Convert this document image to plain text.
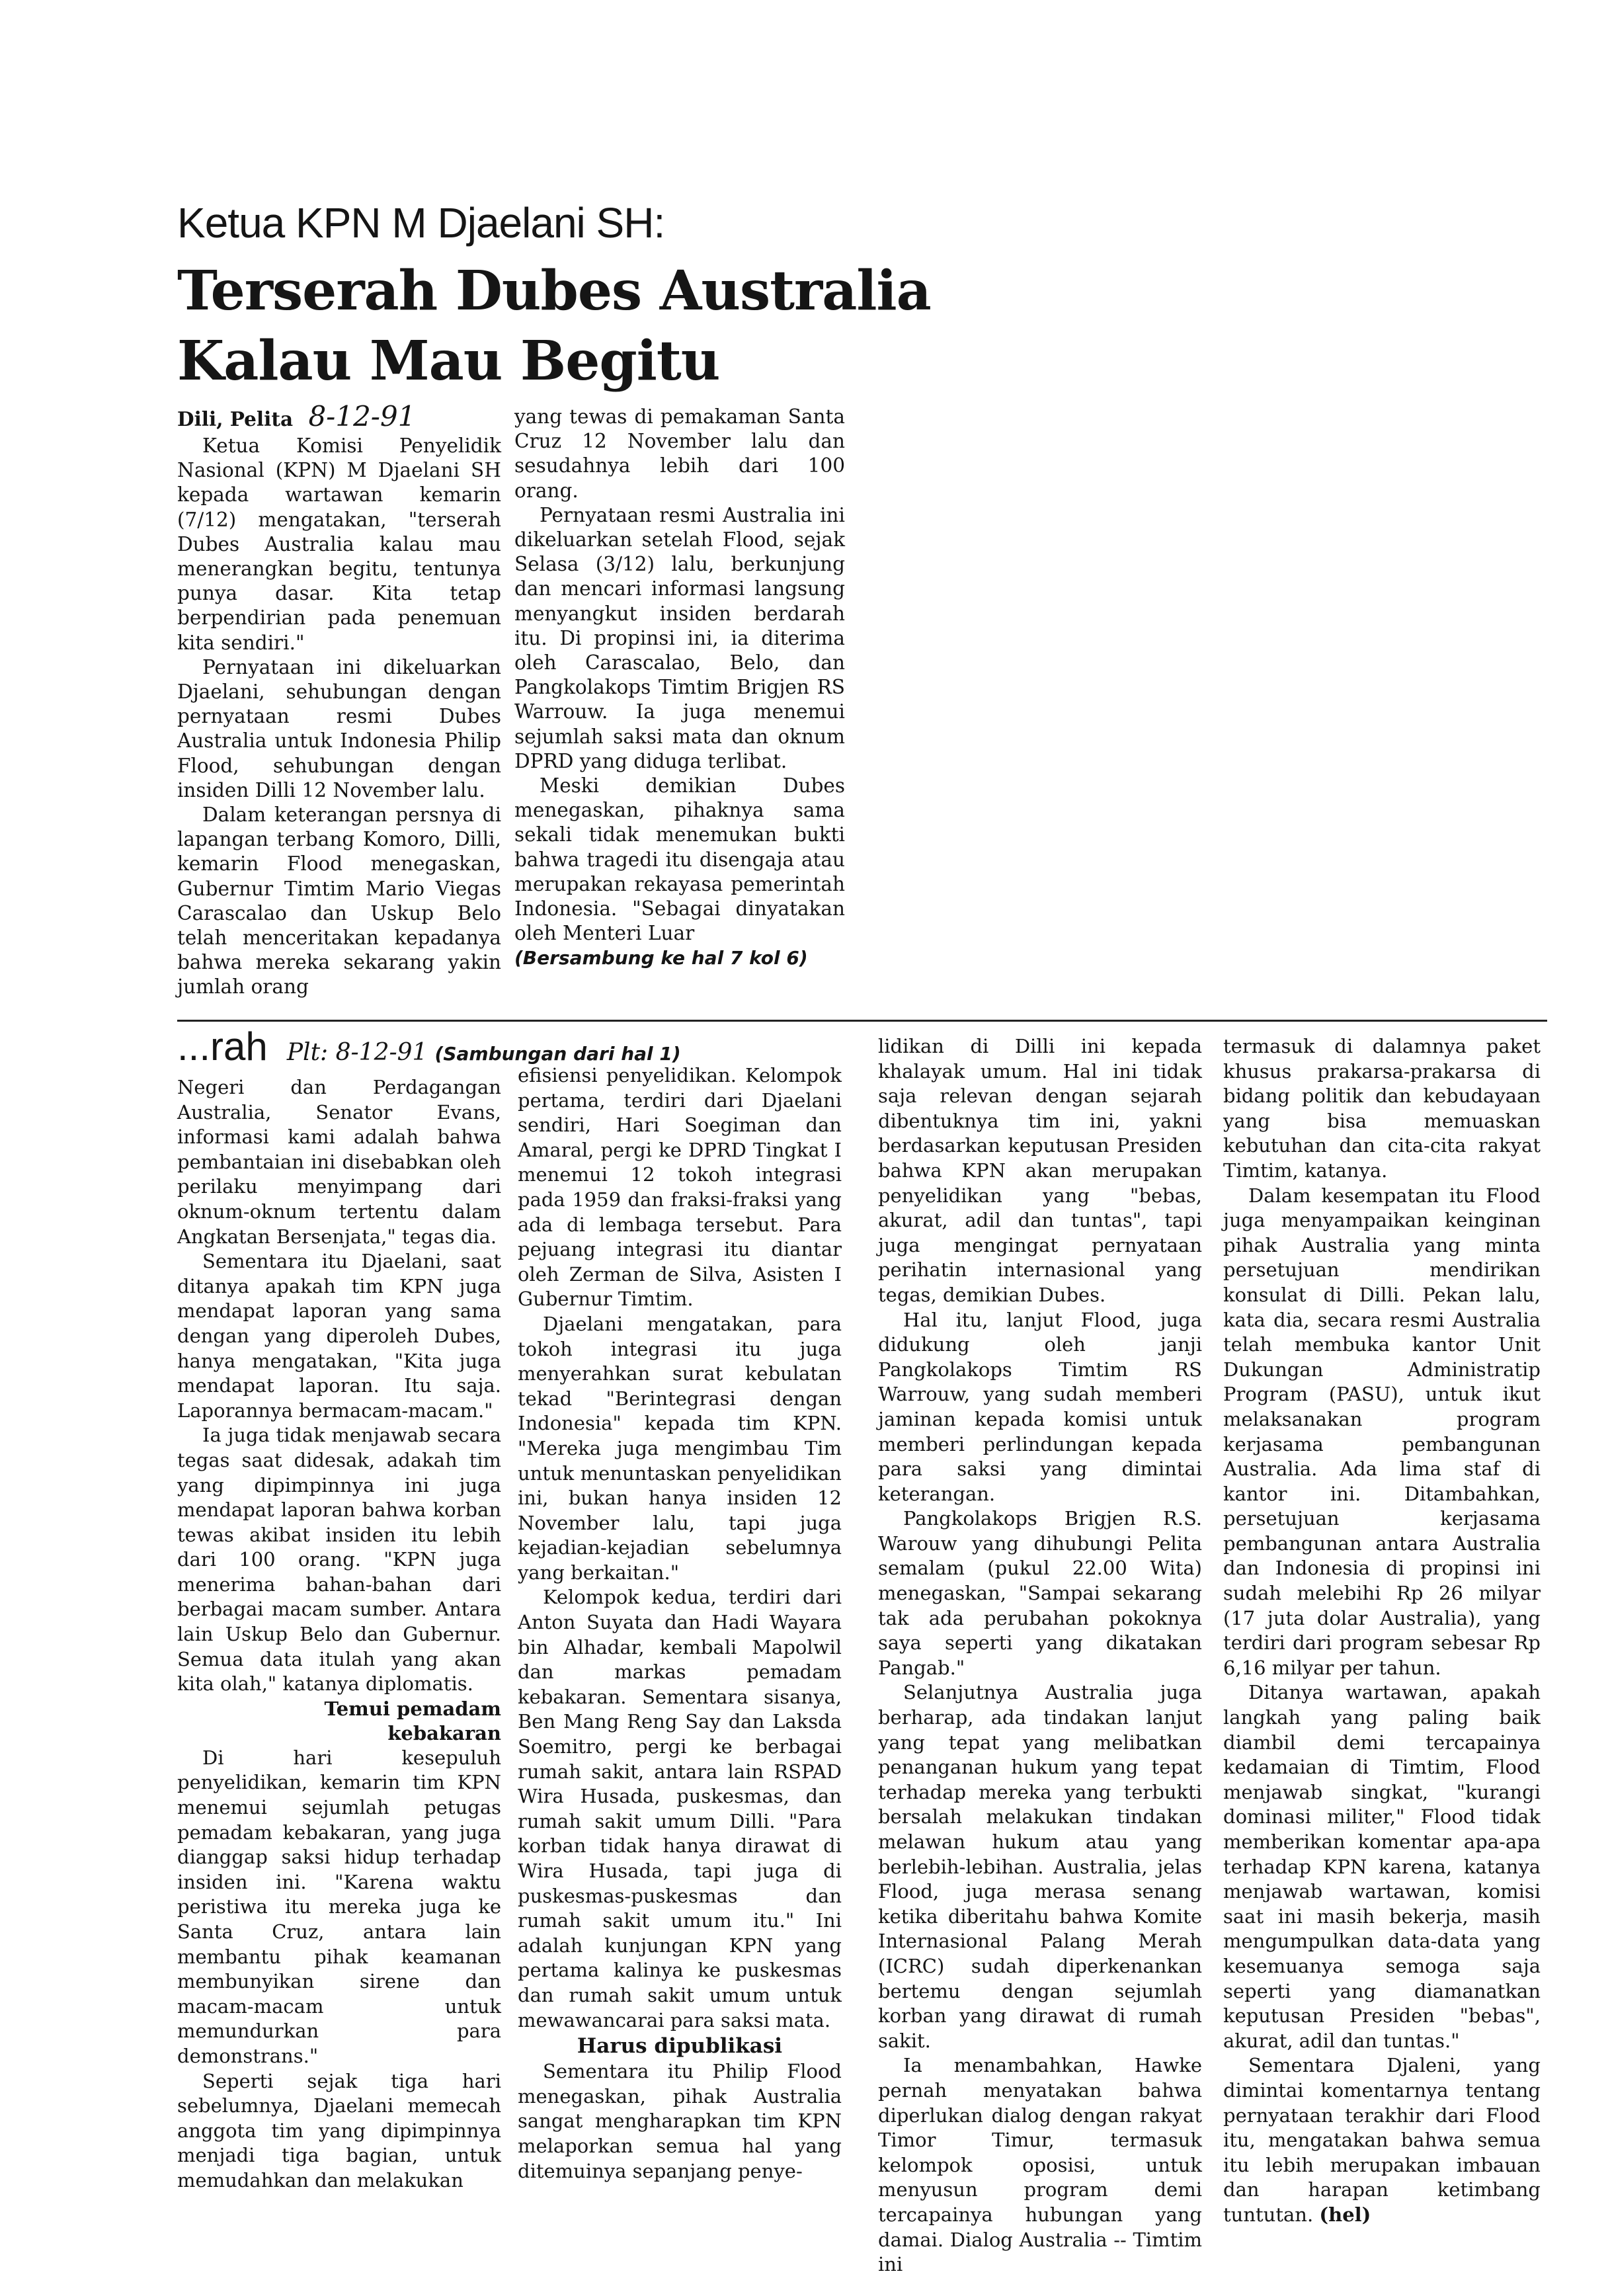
Ketua KPN M Djaelani SH:
Terserah Dubes Australia
Kalau Mau Begitu
Dili, Pelita 8-12-91

Ketua Komisi Penyelidik Nasional (KPN) M Djaelani SH kepada wartawan kemarin (7/12) mengatakan, "terserah Dubes Australia kalau mau menerangkan begitu, tentunya punya dasar. Kita tetap berpendirian pada penemuan kita sendiri."

Pernyataan ini dikeluarkan Djaelani, sehubungan dengan pernyataan resmi Dubes Australia untuk Indonesia Philip Flood, sehubungan dengan insiden Dilli 12 November lalu.

Dalam keterangan persnya di lapangan terbang Komoro, Dilli, kemarin Flood menegaskan, Gubernur Timtim Mario Viegas Carascalao dan Uskup Belo telah menceritakan kepadanya bahwa mereka sekarang yakin jumlah orang

yang tewas di pemakaman Santa Cruz 12 November lalu dan sesudahnya lebih dari 100 orang.

Pernyataan resmi Australia ini dikeluarkan setelah Flood, sejak Selasa (3/12) lalu, berkunjung dan mencari informasi langsung menyangkut insiden berdarah itu. Di propinsi ini, ia diterima oleh Carascalao, Belo, dan Pangkolakops Timtim Brigjen RS Warrouw. Ia juga menemui sejumlah saksi mata dan oknum DPRD yang diduga terlibat.

Meski demikian Dubes menegaskan, pihaknya sama sekali tidak menemukan bukti bahwa tragedi itu disengaja atau merupakan rekayasa pemerintah Indonesia. "Sebagai dinyatakan oleh Menteri Luar

(Bersambung ke hal 7 kol 6)

...rah Plt: 8-12-91 (Sambungan dari hal 1)

Negeri dan Perdagangan Australia, Senator Evans, informasi kami adalah bahwa pembantaian ini disebabkan oleh perilaku menyimpang dari oknum-oknum tertentu dalam Angkatan Bersenjata," tegas dia.

Sementara itu Djaelani, saat ditanya apakah tim KPN juga mendapat laporan yang sama dengan yang diperoleh Dubes, hanya mengatakan, "Kita juga mendapat laporan. Itu saja. Laporannya bermacam-macam."

Ia juga tidak menjawab secara tegas saat didesak, adakah tim yang dipimpinnya ini juga mendapat laporan bahwa korban tewas akibat insiden itu lebih dari 100 orang. "KPN juga menerima bahan-bahan dari berbagai macam sumber. Antara lain Uskup Belo dan Gubernur. Semua data itulah yang akan kita olah," katanya diplomatis.

Temui pemadam

kebakaran

Di hari kesepuluh penyelidikan, kemarin tim KPN menemui sejumlah petugas pemadam kebakaran, yang juga dianggap saksi hidup terhadap insiden ini. "Karena waktu peristiwa itu mereka juga ke Santa Cruz, antara lain membantu pihak keamanan membunyikan sirene dan macam-macam untuk memundurkan para demonstrans."

Seperti sejak tiga hari sebelumnya, Djaelani memecah anggota tim yang dipimpinnya menjadi tiga bagian, untuk memudahkan dan melakukan

efisiensi penyelidikan. Kelompok pertama, terdiri dari Djaelani sendiri, Hari Soegiman dan Amaral, pergi ke DPRD Tingkat I menemui 12 tokoh integrasi pada 1959 dan fraksi-fraksi yang ada di lembaga tersebut. Para pejuang integrasi itu diantar oleh Zerman de Silva, Asisten I Gubernur Timtim.

Djaelani mengatakan, para tokoh integrasi itu juga menyerahkan surat kebulatan tekad "Berintegrasi dengan Indonesia" kepada tim KPN. "Mereka juga mengimbau Tim untuk menuntaskan penyelidikan ini, bukan hanya insiden 12 November lalu, tapi juga kejadian-kejadian sebelumnya yang berkaitan."

Kelompok kedua, terdiri dari Anton Suyata dan Hadi Wayara bin Alhadar, kembali Mapolwil dan markas pemadam kebakaran. Sementara sisanya, Ben Mang Reng Say dan Laksda Soemitro, pergi ke berbagai rumah sakit, antara lain RSPAD Wira Husada, puskesmas, dan rumah sakit umum Dilli. "Para korban tidak hanya dirawat di Wira Husada, tapi juga di puskesmas-puskesmas dan rumah sakit umum itu." Ini adalah kunjungan KPN yang pertama kalinya ke puskesmas dan rumah sakit umum untuk mewawancarai para saksi mata.

Harus dipublikasi

Sementara itu Philip Flood menegaskan, pihak Australia sangat mengharapkan tim KPN melaporkan semua hal yang ditemuinya sepanjang penye-

lidikan di Dilli ini kepada khalayak umum. Hal ini tidak saja relevan dengan sejarah dibentuknya tim ini, yakni berdasarkan keputusan Presiden bahwa KPN akan merupakan penyelidikan yang "bebas, akurat, adil dan tuntas", tapi juga mengingat pernyataan perihatin internasional yang tegas, demikian Dubes.

Hal itu, lanjut Flood, juga didukung oleh janji Pangkolakops Timtim RS Warrouw, yang sudah memberi jaminan kepada komisi untuk memberi perlindungan kepada para saksi yang dimintai keterangan.

Pangkolakops Brigjen R.S. Warouw yang dihubungi Pelita semalam (pukul 22.00 Wita) menegaskan, "Sampai sekarang tak ada perubahan pokoknya saya seperti yang dikatakan Pangab."

Selanjutnya Australia juga berharap, ada tindakan lanjut yang tepat yang melibatkan penanganan hukum yang tepat terhadap mereka yang terbukti bersalah melakukan tindakan melawan hukum atau yang berlebih-lebihan. Australia, jelas Flood, juga merasa senang ketika diberitahu bahwa Komite Internasional Palang Merah (ICRC) sudah diperkenankan bertemu dengan sejumlah korban yang dirawat di rumah sakit.

Ia menambahkan, Hawke pernah menyatakan bahwa diperlukan dialog dengan rakyat Timor Timur, termasuk kelompok oposisi, untuk menyusun program demi tercapainya hubungan yang damai. Dialog Australia -- Timtim ini

termasuk di dalamnya paket khusus prakarsa-prakarsa di bidang politik dan kebudayaan yang bisa memuaskan kebutuhan dan cita-cita rakyat Timtim, katanya.

Dalam kesempatan itu Flood juga menyampaikan keinginan pihak Australia yang minta persetujuan mendirikan konsulat di Dilli. Pekan lalu, kata dia, secara resmi Australia telah membuka kantor Unit Dukungan Administratip Program (PASU), untuk ikut melaksanakan program kerjasama pembangunan Australia. Ada lima staf di kantor ini. Ditambahkan, persetujuan kerjasama pembangunan antara Australia dan Indonesia di propinsi ini sudah melebihi Rp 26 milyar (17 juta dolar Australia), yang terdiri dari program sebesar Rp 6,16 milyar per tahun.

Ditanya wartawan, apakah langkah yang paling baik diambil demi tercapainya kedamaian di Timtim, Flood menjawab singkat, "kurangi dominasi militer," Flood tidak memberikan komentar apa-apa terhadap KPN karena, katanya menjawab wartawan, komisi saat ini masih bekerja, masih mengumpulkan data-data yang kesemuanya semoga saja seperti yang diamanatkan keputusan Presiden "bebas", akurat, adil dan tuntas."

Sementara Djaleni, yang dimintai komentarnya tentang pernyataan terakhir dari Flood itu, mengatakan bahwa semua itu lebih merupakan imbauan dan harapan ketimbang tuntutan. (hel)
